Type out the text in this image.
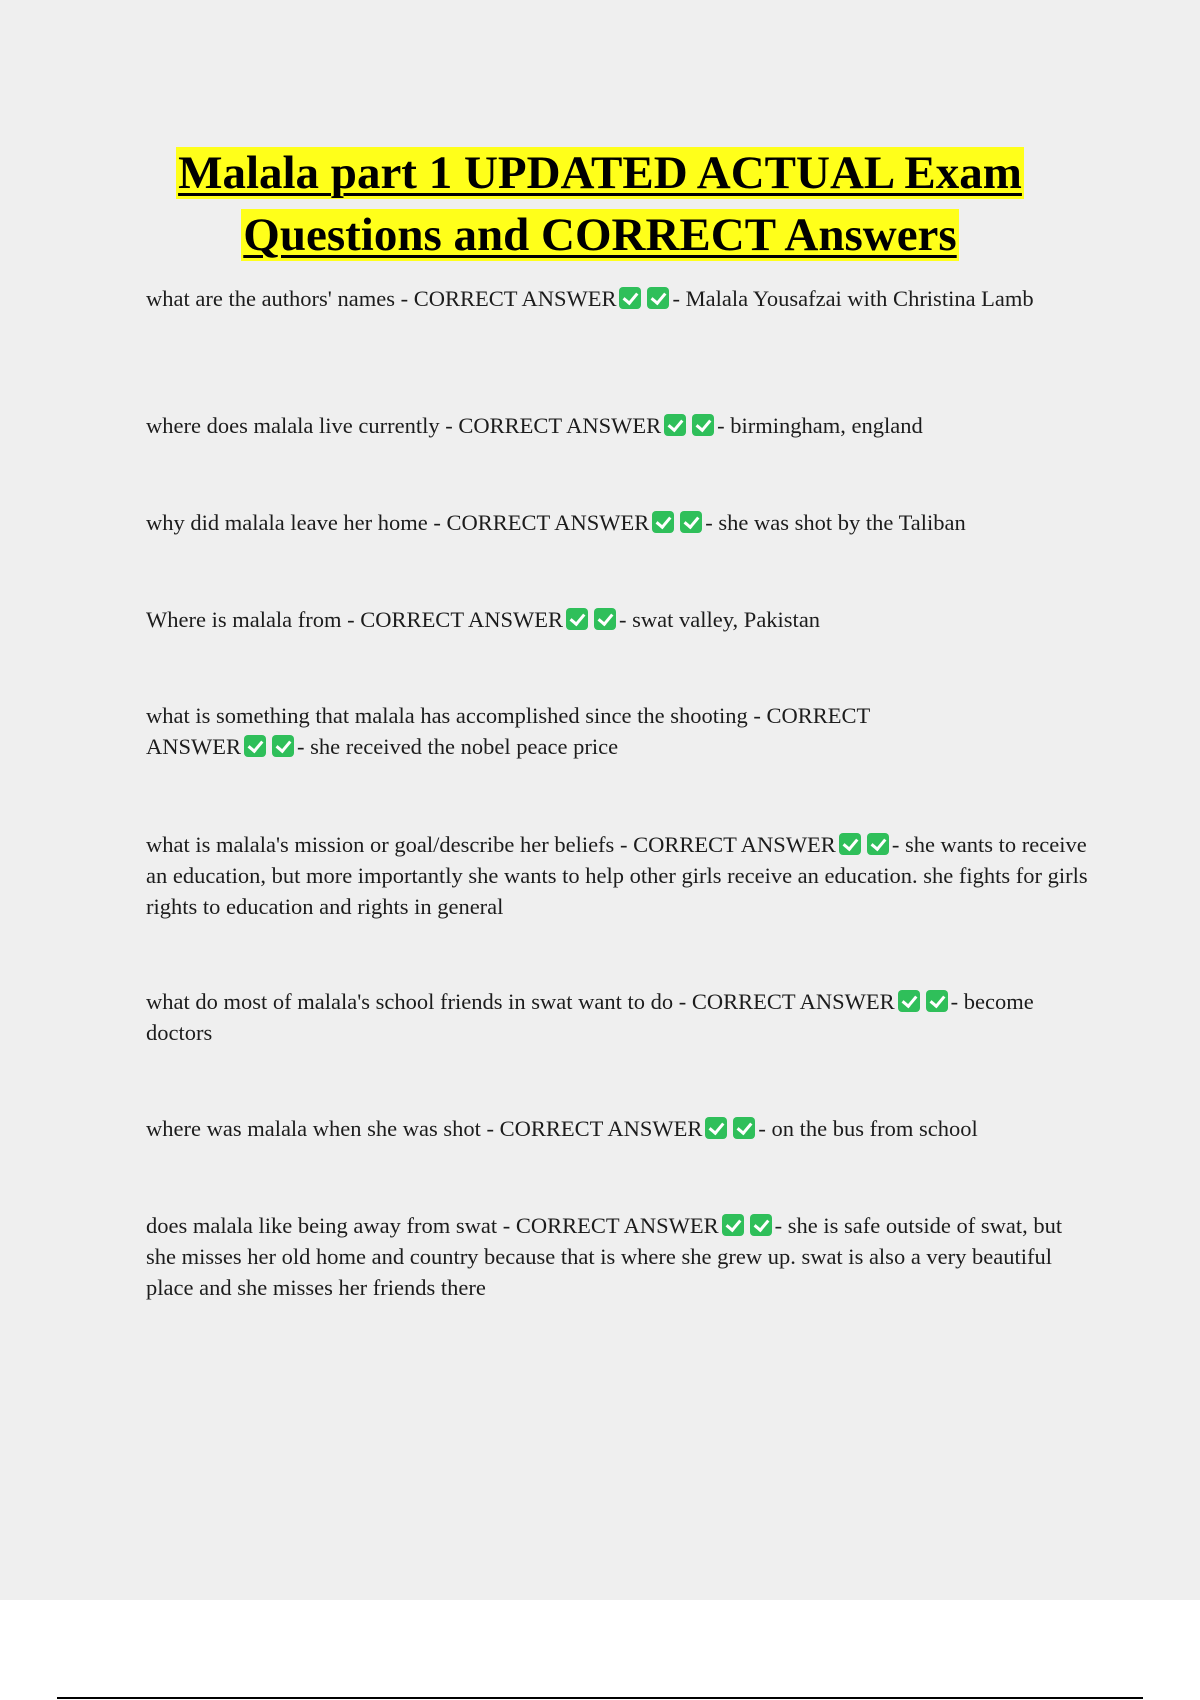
Malala part 1 UPDATED ACTUAL Exam Questions and CORRECT Answers

what are the authors' names - CORRECT ANSWER - Malala Yousafzai with Christina Lamb

where does malala live currently - CORRECT ANSWER - birmingham, england

why did malala leave her home - CORRECT ANSWER - she was shot by the Taliban

Where is malala from - CORRECT ANSWER - swat valley, Pakistan

what is something that malala has accomplished since the shooting - CORRECT ANSWER - she received the nobel peace price

what is malala's mission or goal/describe her beliefs - CORRECT ANSWER - she wants to receive an education, but more importantly she wants to help other girls receive an education. she fights for girls rights to education and rights in general

what do most of malala's school friends in swat want to do - CORRECT ANSWER - become doctors

where was malala when she was shot - CORRECT ANSWER - on the bus from school

does malala like being away from swat - CORRECT ANSWER - she is safe outside of swat, but she misses her old home and country because that is where she grew up. swat is also a very beautiful place and she misses her friends there
